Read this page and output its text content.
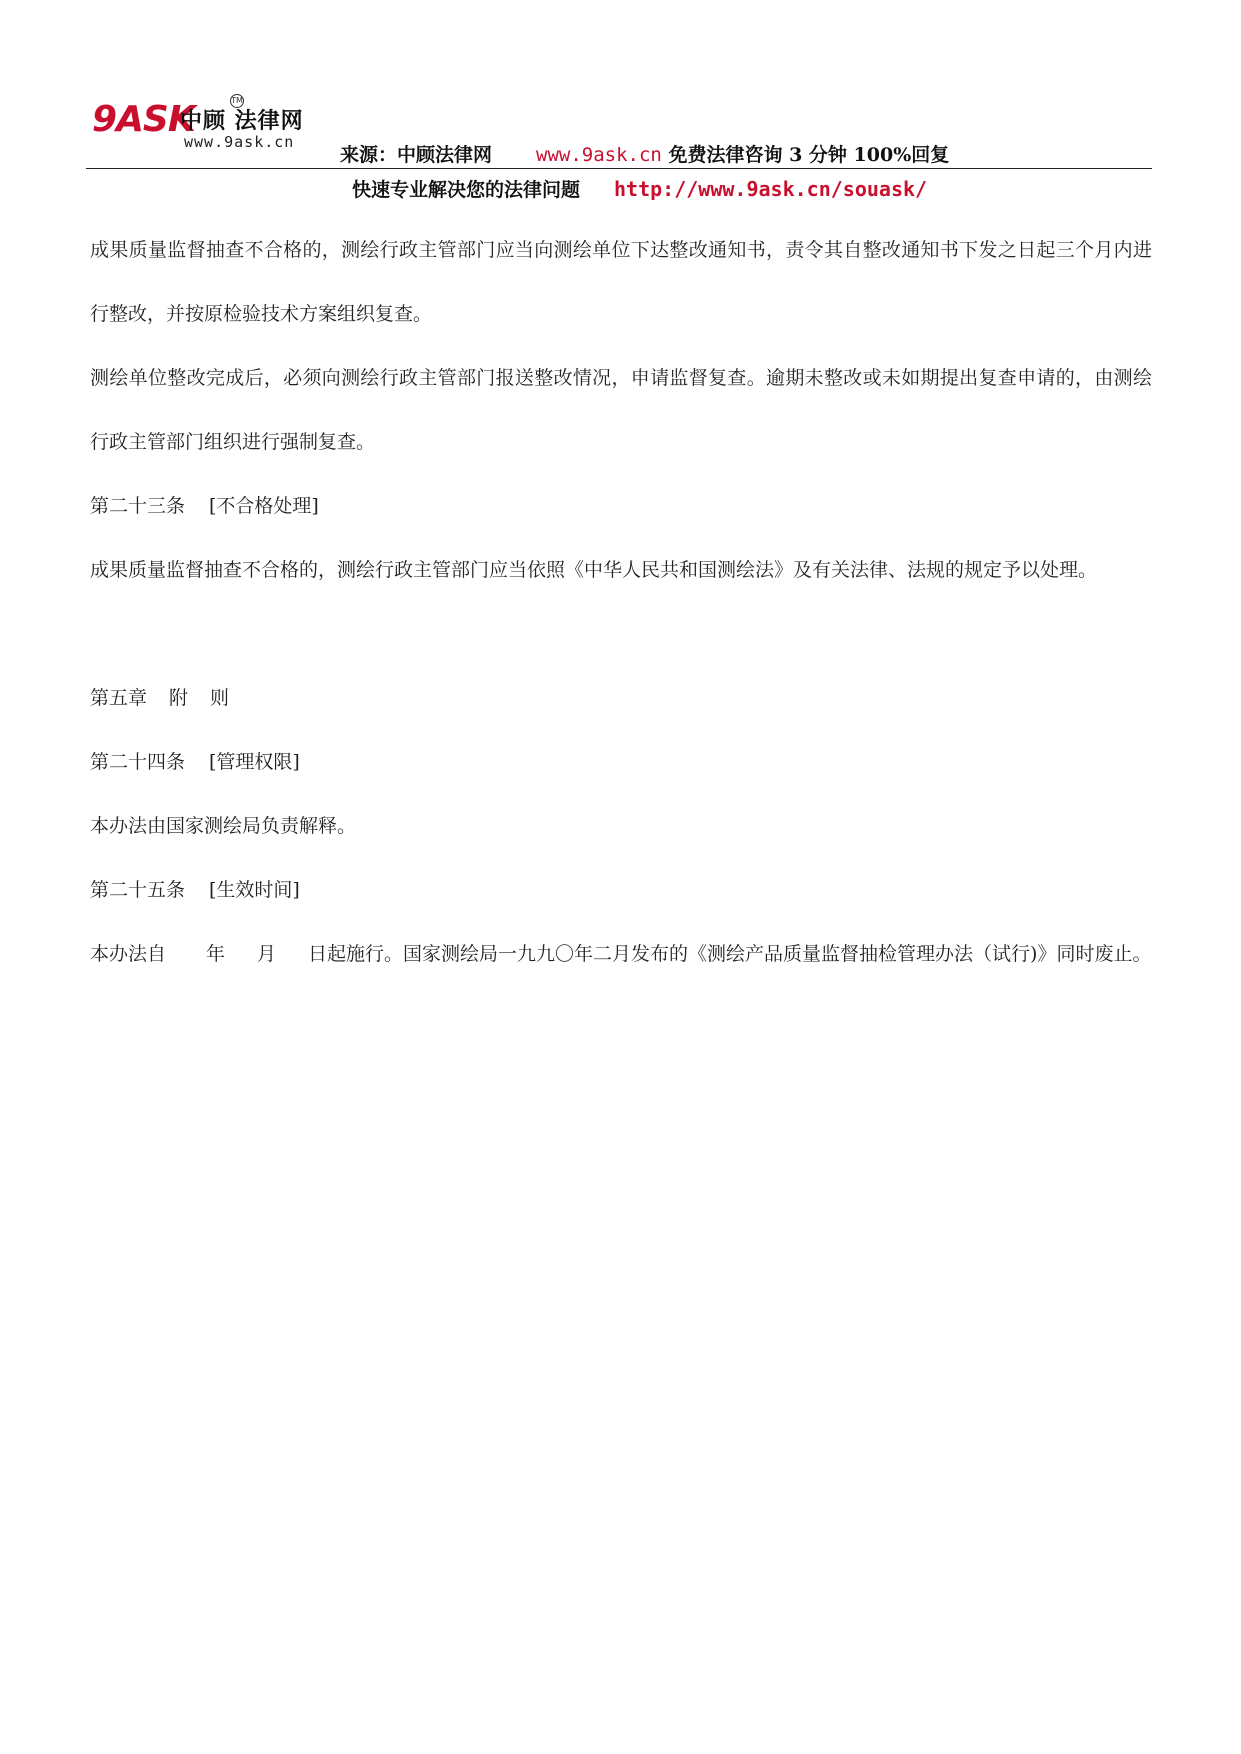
9ASK
中顾 法律网
TM
www.9ask.cn
来源：中顾法律网 www.9ask.cn 免费法律咨询 3 分钟 100%回复
快速专业解决您的法律问题 http://www.9ask.cn/souask/

成果质量监督抽查不合格的，测绘行政主管部门应当向测绘单位下达整改通知书，责令其自整改通知书下发之日起三个月内进行整改，并按原检验技术方案组织复查。

测绘单位整改完成后，必须向测绘行政主管部门报送整改情况，申请监督复查。逾期未整改或未如期提出复查申请的，由测绘行政主管部门组织进行强制复查。

第二十三条 [不合格处理]

成果质量监督抽查不合格的，测绘行政主管部门应当依照《中华人民共和国测绘法》及有关法律、法规的规定予以处理。

第五章 附 则

第二十四条 [管理权限]

本办法由国家测绘局负责解释。

第二十五条 [生效时间]

本办法自 年 月 日起施行。国家测绘局一九九〇年二月发布的《测绘产品质量监督抽检管理办法（试行)》同时废止。
